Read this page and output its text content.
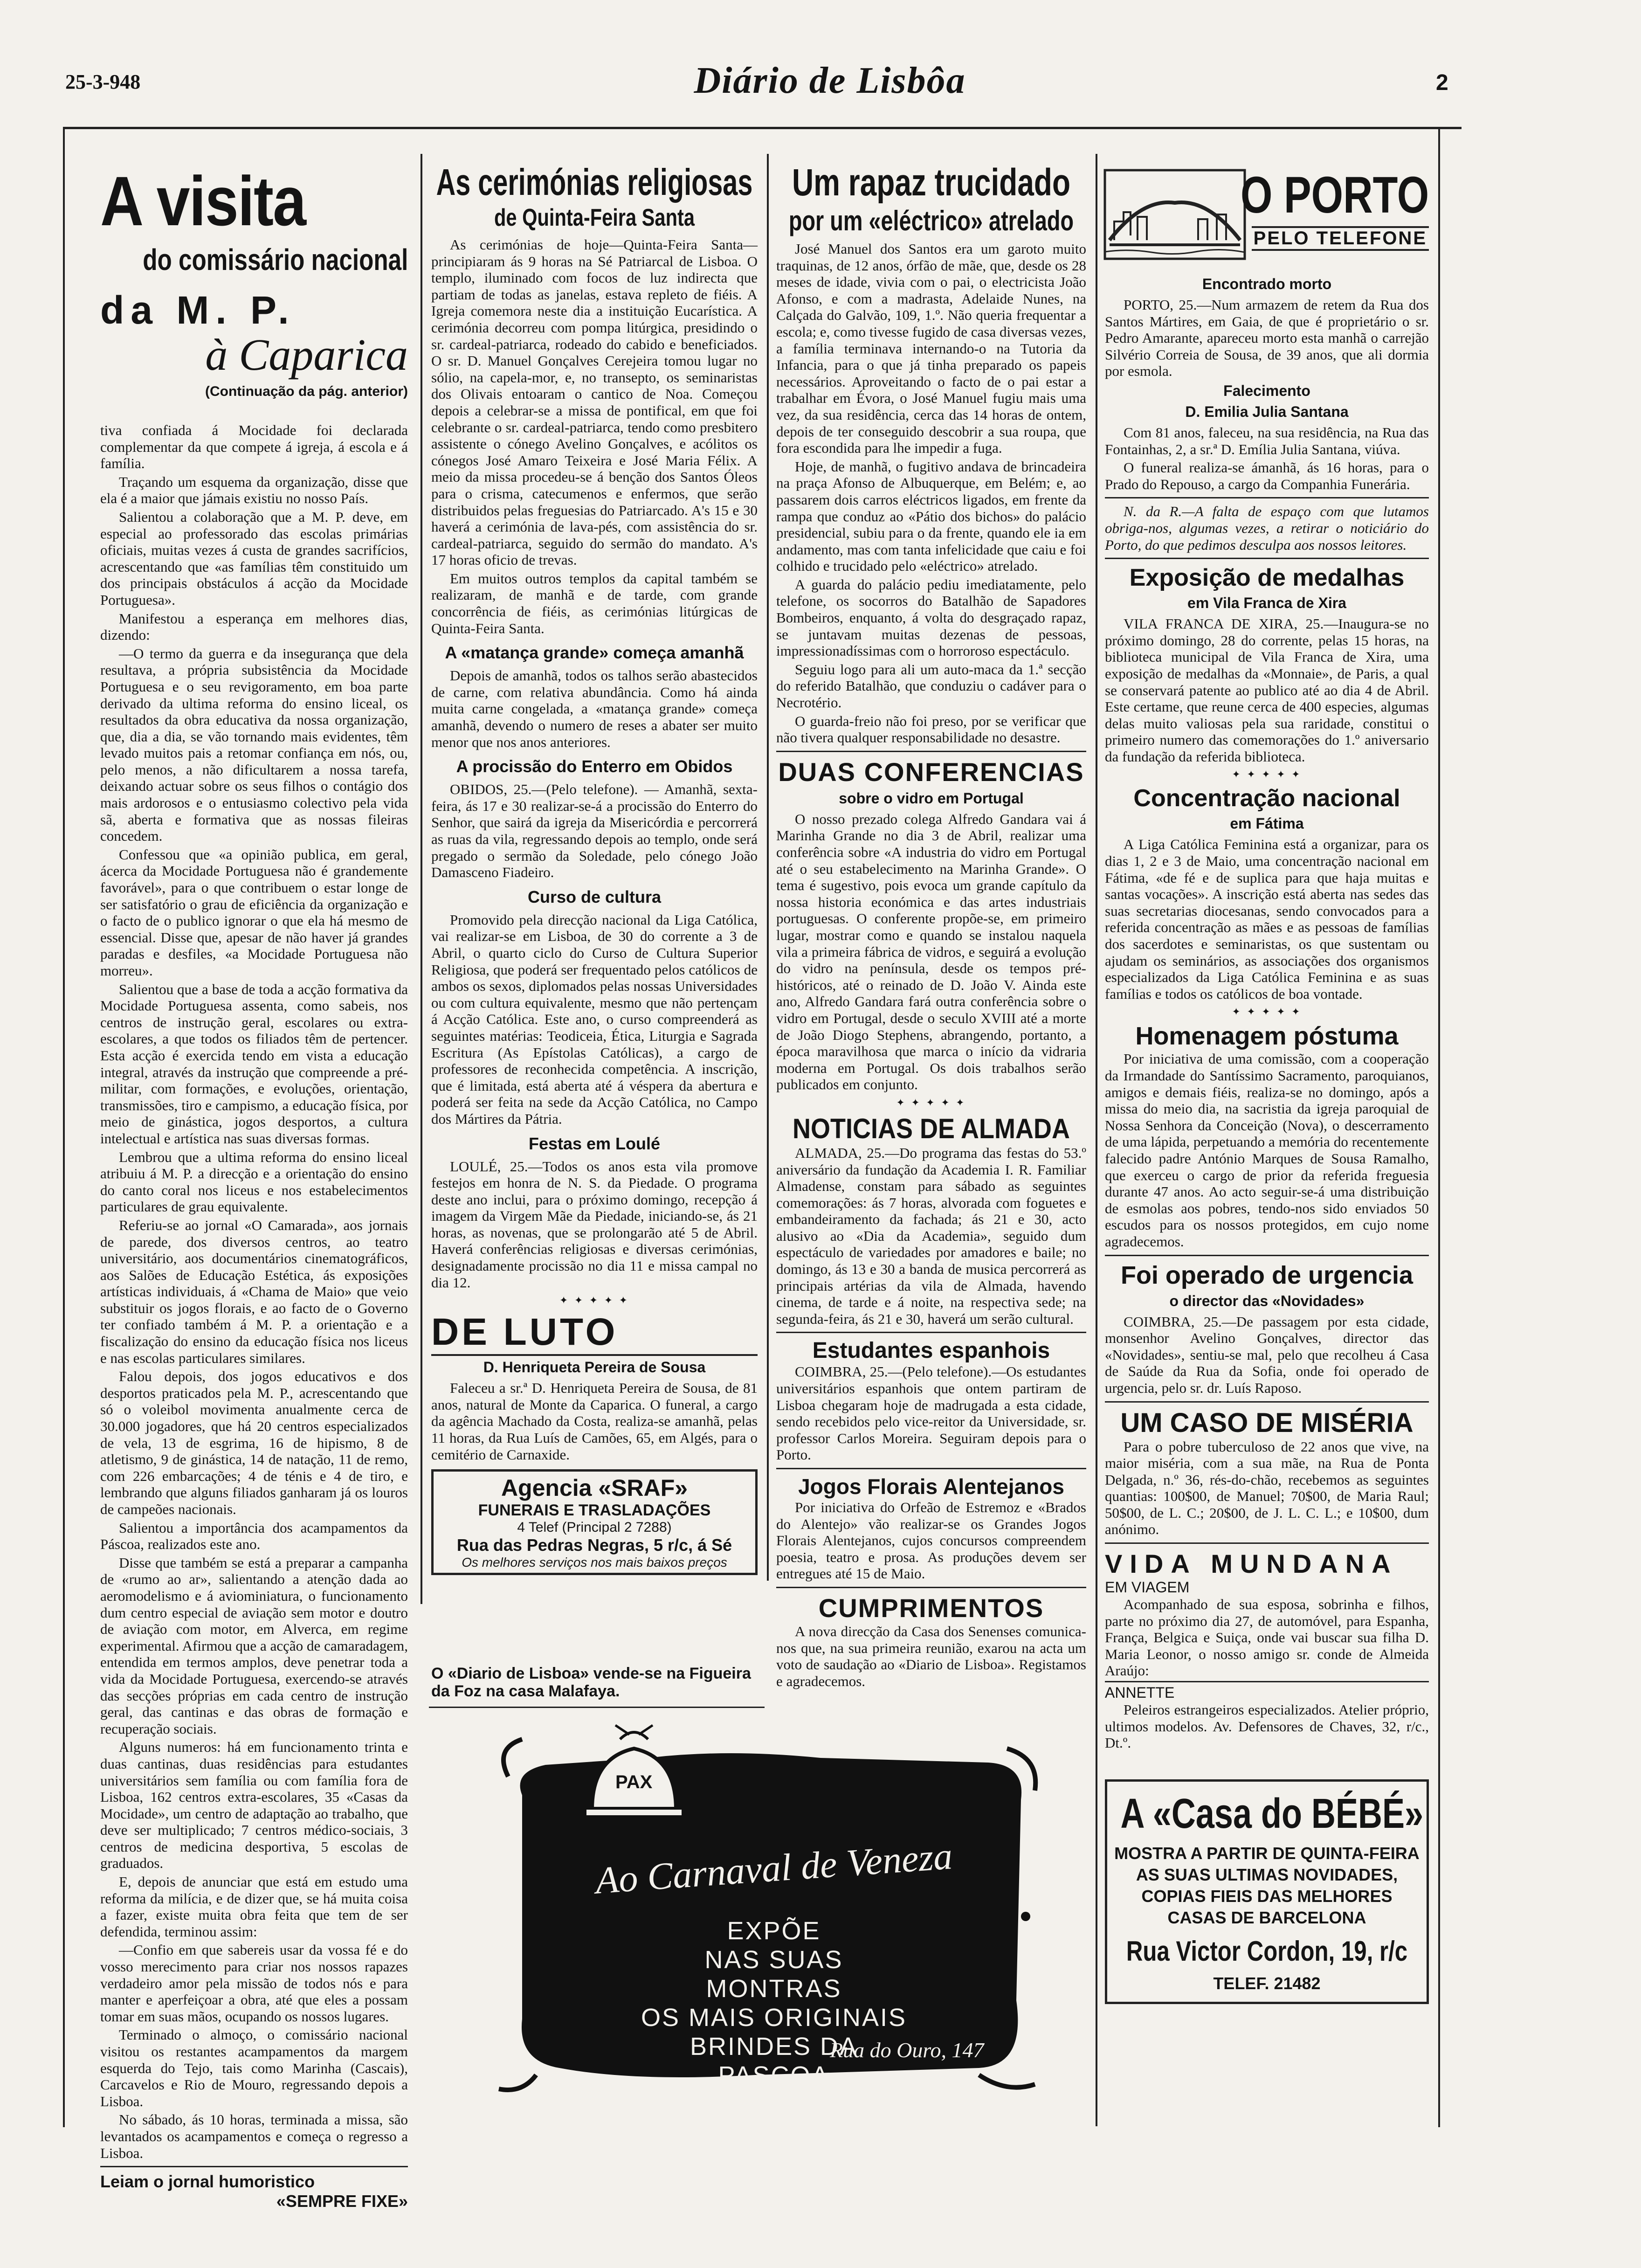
25-3-948	Diário de Lisbôa	2
A visita
do comissário nacional
da M. P.
à Caparica
(Continuação da pág. anterior)

tiva confiada á Mocidade foi declarada complementar da que compete á igreja, á escola e á família.

Traçando um esquema da organização, disse que ela é a maior que jámais existiu no nosso País.

Salientou a colaboração que a M. P. deve, em especial ao professorado das escolas primárias oficiais, muitas vezes á custa de grandes sacrifícios, acrescentando que «as famílias têm constituido um dos principais obstáculos á acção da Mocidade Portuguesa».

Manifestou a esperança em melhores dias, dizendo:

—O termo da guerra e da insegurança que dela resultava, a própria subsistência da Mocidade Portuguesa e o seu revigoramento, em boa parte derivado da ultima reforma do ensino liceal, os resultados da obra educativa da nossa organização, que, dia a dia, se vão tornando mais evidentes, têm levado muitos pais a retomar confiança em nós, ou, pelo menos, a não dificultarem a nossa tarefa, deixando actuar sobre os seus filhos o contágio dos mais ardorosos e o entusiasmo colectivo pela vida sã, aberta e formativa que as nossas fileiras concedem.

Confessou que «a opinião publica, em geral, ácerca da Mocidade Portuguesa não é grandemente favorável», para o que contribuem o estar longe de ser satisfatório o grau de eficiência da organização e o facto de o publico ignorar o que ela há mesmo de essencial. Disse que, apesar de não haver já grandes paradas e desfiles, «a Mocidade Portuguesa não morreu».

Salientou que a base de toda a acção formativa da Mocidade Portuguesa assenta, como sabeis, nos centros de instrução geral, escolares ou extra-escolares, a que todos os filiados têm de pertencer. Esta acção é exercida tendo em vista a educação integral, através da instrução que compreende a pré-militar, com formações, e evoluções, orientação, transmissões, tiro e campismo, a educação física, por meio de ginástica, jogos desportos, a cultura intelectual e artística nas suas diversas formas.

Lembrou que a ultima reforma do ensino liceal atribuiu á M. P. a direcção e a orientação do ensino do canto coral nos liceus e nos estabelecimentos particulares de grau equivalente.

Referiu-se ao jornal «O Camarada», aos jornais de parede, dos diversos centros, ao teatro universitário, aos documentários cinematográficos, aos Salões de Educação Estética, ás exposições artísticas individuais, á «Chama de Maio» que veio substituir os jogos florais, e ao facto de o Governo ter confiado também á M. P. a orientação e a fiscalização do ensino da educação física nos liceus e nas escolas particulares similares.

Falou depois, dos jogos educativos e dos desportos praticados pela M. P., acrescentando que só o voleibol movimenta anualmente cerca de 30.000 jogadores, que há 20 centros especializados de vela, 13 de esgrima, 16 de hipismo, 8 de atletismo, 9 de ginástica, 14 de natação, 11 de remo, com 226 embarcações; 4 de ténis e 4 de tiro, e lembrando que alguns filiados ganharam já os louros de campeões nacionais.

Salientou a importância dos acampamentos da Páscoa, realizados este ano.

Disse que também se está a preparar a campanha de «rumo ao ar», salientando a atenção dada ao aeromodelismo e á aviominiatura, o funcionamento dum centro especial de aviação sem motor e doutro de aviação com motor, em Alverca, em regime experimental. Afirmou que a acção de camaradagem, entendida em termos amplos, deve penetrar toda a vida da Mocidade Portuguesa, exercendo-se através das secções próprias em cada centro de instrução geral, das cantinas e das obras de formação e recuperação sociais.

Alguns numeros: há em funcionamento trinta e duas cantinas, duas residências para estudantes universitários sem família ou com família fora de Lisboa, 162 centros extra-escolares, 35 «Casas da Mocidade», um centro de adaptação ao trabalho, que deve ser multiplicado; 7 centros médico-sociais, 3 centros de medicina desportiva, 5 escolas de graduados.

E, depois de anunciar que está em estudo uma reforma da milícia, e de dizer que, se há muita coisa a fazer, existe muita obra feita que tem de ser defendida, terminou assim:

—Confio em que sabereis usar da vossa fé e do vosso merecimento para criar nos nossos rapazes verdadeiro amor pela missão de todos nós e para manter e aperfeiçoar a obra, até que eles a possam tomar em suas mãos, ocupando os nossos lugares.

Terminado o almoço, o comissário nacional visitou os restantes acampamentos da margem esquerda do Tejo, tais como Marinha (Cascais), Carcavelos e Rio de Mouro, regressando depois a Lisboa.

No sábado, ás 10 horas, terminada a missa, são levantados os acampamentos e começa o regresso a Lisboa.

Leiam o jornal humoristico
«SEMPRE FIXE»
As cerimónias religiosas
de Quinta-Feira Santa

As cerimónias de hoje—Quinta-Feira Santa—principiaram ás 9 horas na Sé Patriarcal de Lisboa. O templo, iluminado com focos de luz indirecta que partiam de todas as janelas, estava repleto de fiéis. A Igreja comemora neste dia a instituição Eucarística. A cerimónia decorreu com pompa litúrgica, presidindo o sr. cardeal-patriarca, rodeado do cabido e beneficiados. O sr. D. Manuel Gonçalves Cerejeira tomou lugar no sólio, na capela-mor, e, no transepto, os seminaristas dos Olivais entoaram o cantico de Noa. Começou depois a celebrar-se a missa de pontifical, em que foi celebrante o sr. cardeal-patriarca, tendo como presbitero assistente o cónego Avelino Gonçalves, e acólitos os cónegos José Amaro Teixeira e José Maria Félix. A meio da missa procedeu-se á benção dos Santos Óleos para o crisma, catecumenos e enfermos, que serão distribuidos pelas freguesias do Patriarcado. A's 15 e 30 haverá a cerimónia de lava-pés, com assistência do sr. cardeal-patriarca, seguido do sermão do mandato. A's 17 horas oficio de trevas.

Em muitos outros templos da capital também se realizaram, de manhã e de tarde, com grande concorrência de fiéis, as cerimónias litúrgicas de Quinta-Feira Santa.

A «matança grande» começa amanhã

Depois de amanhã, todos os talhos serão abastecidos de carne, com relativa abundância. Como há ainda muita carne congelada, a «matança grande» começa amanhã, devendo o numero de reses a abater ser muito menor que nos anos anteriores.

A procissão do Enterro em Obidos

OBIDOS, 25.—(Pelo telefone). — Amanhã, sexta-feira, ás 17 e 30 realizar-se-á a procissão do Enterro do Senhor, que sairá da igreja da Misericórdia e percorrerá as ruas da vila, regressando depois ao templo, onde será pregado o sermão da Soledade, pelo cónego João Damasceno Fiadeiro.

Curso de cultura

Promovido pela direcção nacional da Liga Católica, vai realizar-se em Lisboa, de 30 do corrente a 3 de Abril, o quarto ciclo do Curso de Cultura Superior Religiosa, que poderá ser frequentado pelos católicos de ambos os sexos, diplomados pelas nossas Universidades ou com cultura equivalente, mesmo que não pertençam á Acção Católica. Este ano, o curso compreenderá as seguintes matérias: Teodiceia, Ética, Liturgia e Sagrada Escritura (As Epístolas Católicas), a cargo de professores de reconhecida competência. A inscrição, que é limitada, está aberta até á véspera da abertura e poderá ser feita na sede da Acção Católica, no Campo dos Mártires da Pátria.

Festas em Loulé

LOULÉ, 25.—Todos os anos esta vila promove festejos em honra de N. S. da Piedade. O programa deste ano inclui, para o próximo domingo, recepção á imagem da Virgem Mãe da Piedade, iniciando-se, ás 21 horas, as novenas, que se prolongarão até 5 de Abril. Haverá conferências religiosas e diversas cerimónias, designadamente procissão no dia 11 e missa campal no dia 12.

✦ ✦ ✦ ✦ ✦
DE LUTO
D. Henriqueta Pereira de Sousa

Faleceu a sr.ª D. Henriqueta Pereira de Sousa, de 81 anos, natural de Monte da Caparica. O funeral, a cargo da agência Machado da Costa, realiza-se amanhã, pelas 11 horas, da Rua Luís de Camões, 65, em Algés, para o cemitério de Carnaxide.

Agencia «SRAF»
FUNERAIS E TRASLADAÇÕES
4 Telef (Principal 2 7288)
Rua das Pedras Negras, 5 r/c, á Sé
Os melhores serviços nos mais baixos preços
O «Diario de Lisboa» vende-se na Figueira da Foz na casa Malafaya.
Um rapaz trucidado
por um «eléctrico» atrelado

José Manuel dos Santos era um garoto muito traquinas, de 12 anos, órfão de mãe, que, desde os 28 meses de idade, vivia com o pai, o electricista João Afonso, e com a madrasta, Adelaide Nunes, na Calçada do Galvão, 109, 1.º. Não queria frequentar a escola; e, como tivesse fugido de casa diversas vezes, a família terminava internando-o na Tutoria da Infancia, para o que já tinha preparado os papeis necessários. Aproveitando o facto de o pai estar a trabalhar em Évora, o José Manuel fugiu mais uma vez, da sua residência, cerca das 14 horas de ontem, depois de ter conseguido descobrir a sua roupa, que fora escondida para lhe impedir a fuga.

Hoje, de manhã, o fugitivo andava de brincadeira na praça Afonso de Albuquerque, em Belém; e, ao passarem dois carros eléctricos ligados, em frente da rampa que conduz ao «Pátio dos bichos» do palácio presidencial, subiu para o da frente, quando ele ia em andamento, mas com tanta infelicidade que caiu e foi colhido e trucidado pelo «eléctrico» atrelado.

A guarda do palácio pediu imediatamente, pelo telefone, os socorros do Batalhão de Sapadores Bombeiros, enquanto, á volta do desgraçado rapaz, se juntavam muitas dezenas de pessoas, impressionadíssimas com o horroroso espectáculo.

Seguiu logo para ali um auto-maca da 1.ª secção do referido Batalhão, que conduziu o cadáver para o Necrotério.

O guarda-freio não foi preso, por se verificar que não tivera qualquer responsabilidade no desastre.

DUAS CONFERENCIAS
sobre o vidro em Portugal

O nosso prezado colega Alfredo Gandara vai á Marinha Grande no dia 3 de Abril, realizar uma conferência sobre «A industria do vidro em Portugal até o seu estabelecimento na Marinha Grande». O tema é sugestivo, pois evoca um grande capítulo da nossa historia económica e das artes industriais portuguesas. O conferente propõe-se, em primeiro lugar, mostrar como e quando se instalou naquela vila a primeira fábrica de vidros, e seguirá a evolução do vidro na península, desde os tempos pré-históricos, até o reinado de D. João V. Ainda este ano, Alfredo Gandara fará outra conferência sobre o vidro em Portugal, desde o seculo XVIII até a morte de João Diogo Stephens, abrangendo, portanto, a época maravilhosa que marca o início da vidraria moderna em Portugal. Os dois trabalhos serão publicados em conjunto.

✦ ✦ ✦ ✦ ✦
NOTICIAS DE ALMADA

ALMADA, 25.—Do programa das festas do 53.º aniversário da fundação da Academia I. R. Familiar Almadense, constam para sábado as seguintes comemorações: ás 7 horas, alvorada com foguetes e embandeiramento da fachada; ás 21 e 30, acto alusivo ao «Dia da Academia», seguido dum espectáculo de variedades por amadores e baile; no domingo, ás 13 e 30 a banda de musica percorrerá as principais artérias da vila de Almada, havendo cinema, de tarde e á noite, na respectiva sede; na segunda-feira, ás 21 e 30, haverá um serão cultural.

Estudantes espanhois

COIMBRA, 25.—(Pelo telefone).—Os estudantes universitários espanhois que ontem partiram de Lisboa chegaram hoje de madrugada a esta cidade, sendo recebidos pelo vice-reitor da Universidade, sr. professor Carlos Moreira. Seguiram depois para o Porto.

Jogos Florais Alentejanos

Por iniciativa do Orfeão de Estremoz e «Brados do Alentejo» vão realizar-se os Grandes Jogos Florais Alentejanos, cujos concursos compreendem poesia, teatro e prosa. As produções devem ser entregues até 15 de Maio.

CUMPRIMENTOS

A nova direcção da Casa dos Senenses comunica-nos que, na sua primeira reunião, exarou na acta um voto de saudação ao «Diario de Lisboa». Registamos e agradecemos.

O PORTO
PELO TELEFONE
Encontrado morto

PORTO, 25.—Num armazem de retem da Rua dos Santos Mártires, em Gaia, de que é proprietário o sr. Pedro Amarante, apareceu morto esta manhã o carrejão Silvério Correia de Sousa, de 39 anos, que ali dormia por esmola.

Falecimento
D. Emilia Julia Santana

Com 81 anos, faleceu, na sua residência, na Rua das Fontainhas, 2, a sr.ª D. Emília Julia Santana, viúva.

O funeral realiza-se ámanhã, ás 16 horas, para o Prado do Repouso, a cargo da Companhia Funerária.

N. da R.—A falta de espaço com que lutamos obriga-nos, algumas vezes, a retirar o noticiário do Porto, do que pedimos desculpa aos nossos leitores.

Exposição de medalhas
em Vila Franca de Xira

VILA FRANCA DE XIRA, 25.—Inaugura-se no próximo domingo, 28 do corrente, pelas 15 horas, na biblioteca municipal de Vila Franca de Xira, uma exposição de medalhas da «Monnaie», de Paris, a qual se conservará patente ao publico até ao dia 4 de Abril. Este certame, que reune cerca de 400 especies, algumas delas muito valiosas pela sua raridade, constitui o primeiro numero das comemorações do 1.º aniversario da fundação da referida biblioteca.

✦ ✦ ✦ ✦ ✦
Concentração nacional
em Fátima

A Liga Católica Feminina está a organizar, para os dias 1, 2 e 3 de Maio, uma concentração nacional em Fátima, «de fé e de suplica para que haja muitas e santas vocações». A inscrição está aberta nas sedes das suas secretarias diocesanas, sendo convocados para a referida concentração as mães e as pessoas de famílias dos sacerdotes e seminaristas, os que sustentam ou ajudam os seminários, as associações dos organismos especializados da Liga Católica Feminina e as suas famílias e todos os católicos de boa vontade.

✦ ✦ ✦ ✦ ✦
Homenagem póstuma

Por iniciativa de uma comissão, com a cooperação da Irmandade do Santíssimo Sacramento, paroquianos, amigos e demais fiéis, realiza-se no domingo, após a missa do meio dia, na sacristia da igreja paroquial de Nossa Senhora da Conceição (Nova), o descerramento de uma lápida, perpetuando a memória do recentemente falecido padre António Marques de Sousa Ramalho, que exerceu o cargo de prior da referida freguesia durante 47 anos. Ao acto seguir-se-á uma distribuição de esmolas aos pobres, tendo-nos sido enviados 50 escudos para os nossos protegidos, em cujo nome agradecemos.

Foi operado de urgencia
o director das «Novidades»

COIMBRA, 25.—De passagem por esta cidade, monsenhor Avelino Gonçalves, director das «Novidades», sentiu-se mal, pelo que recolheu á Casa de Saúde da Rua da Sofia, onde foi operado de urgencia, pelo sr. dr. Luís Raposo.

UM CASO DE MISÉRIA

Para o pobre tuberculoso de 22 anos que vive, na maior miséria, com a sua mãe, na Rua de Ponta Delgada, n.º 36, rés-do-chão, recebemos as seguintes quantias: 100$00, de Manuel; 70$00, de Maria Raul; 50$00, de L. C.; 20$00, de J. L. C. L.; e 10$00, dum anónimo.

VIDA MUNDANA
EM VIAGEM

Acompanhado de sua esposa, sobrinha e filhos, parte no próximo dia 27, de automóvel, para Espanha, França, Belgica e Suiça, onde vai buscar sua filha D. Maria Leonor, o nosso amigo sr. conde de Almeida Araújo:

ANNETTE

Peleiros estrangeiros especializados. Atelier próprio, ultimos modelos. Av. Defensores de Chaves, 32, r/c., Dt.º.

A «Casa do BÉBÉ»
MOSTRA A PARTIR DE QUINTA-FEIRA AS SUAS ULTIMAS NOVIDADES, COPIAS FIEIS DAS MELHORES CASAS DE BARCELONA
Rua Victor Cordon, 19, r/c
TELEF. 21482
PAX
Ao Carnaval de Veneza
EXPÕE
NAS SUAS MONTRAS
OS MAIS ORIGINAIS
BRINDES DA PASCOA
Rua do Ouro, 147
